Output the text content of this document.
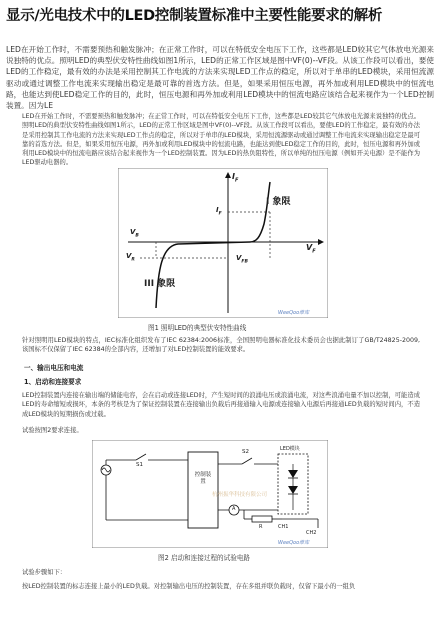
显示/光电技术中的LED控制装置标准中主要性能要求的解析

LED在开始工作时，不需要预热和触发脉冲；在正常工作时，可以在特低安全电压下工作，这些都是LED较其它气体放电光源来说独特的优点。照明LED的典型伏安特性曲线如图1所示，LED的正常工作区域是图中VF(0)--VF段。从该工作段可以看出，要使LED的工作稳定，最有效的办法是采用控制其工作电流的方法来实现LED工作点的稳定，所以对于单串的LED模块，采用恒流源驱动或通过调整工作电流来实现输出稳定是最可靠的首选方法。但是，如果采用恒压电源，再外加或利用LED模块中的恒流电路，也能达到使LED稳定工作的目的，此时，恒压电源和再外加或利用LED模块中的恒流电路应该结合起来视作为一个LED控制装置。因为LE

LED在开始工作时，不需要预热和触发脉冲；在正常工作时，可以在特低安全电压下工作，这些都是LED较其它气体放电光源来说独特的优点。照明LED的典型伏安特性曲线如图1所示，LED的正常工作区域是图中VF(0)--VF段。从该工作段可以看出，要使LED的工作稳定，最有效的办法是采用控制其工作电流的方法来实现LED工作点的稳定，所以对于单串的LED模块，采用恒流源驱动或通过调整工作电流来实现输出稳定是最可靠的首选方法。但是，如果采用恒压电源，再外加或利用LED模块中的恒流电路，也能达到使LED稳定工作的目的，此时，恒压电源和再外加或利用LED模块中的恒流电路应该结合起来视作为一个LED控制装置。因为LED的热负阻特性，所以单纯的恒压电源（例如开关电源）是不能作为LED驱动电器的。

WeeQoo维库
$I_F$
$V_F$
I 象限
III 象限
$I_F$
$V_B$
$V_R$	$V_{FB}$
图1 照明LED的典型伏安特性曲线

针对照明用LED模块的特点，IEC标准化组织发布了IEC 62384:2006标准，全国照明电器标准化技术委员会也据此制订了GB/T24825-2009,该国标不仅保留了IEC 62384的全部内容，还增加了对LED控制装置的能效要求。

一、输出电压和电流
1、启动和连接要求

LED控制装置内连接在输出端的储能电容，会在启动或连接LED时，产生短时间的浪涌电压或浪涌电流，对这些浪涌电量不加以控制，可能造成LED的寿命缩短或损坏，本条的考核是为了保证控制装置在连接输出负载后再接通输入电源或连接输入电源后再接通LED负载的短时间内，不造成LED模块的短期损伤或过载。

试验按图2要求连接。

杭州振华科技有限公司
WeeQoo维库
S1
S2
控制装置
LED模块
A
R	CH1
CH2
图2 启动和连接过程的试验电路

试验步骤如下：

按LED控制装置的标志连接上最小的LED负载。对控制输出电压的控制装置，存在多组并联负载时，仅留下最小的一组负
